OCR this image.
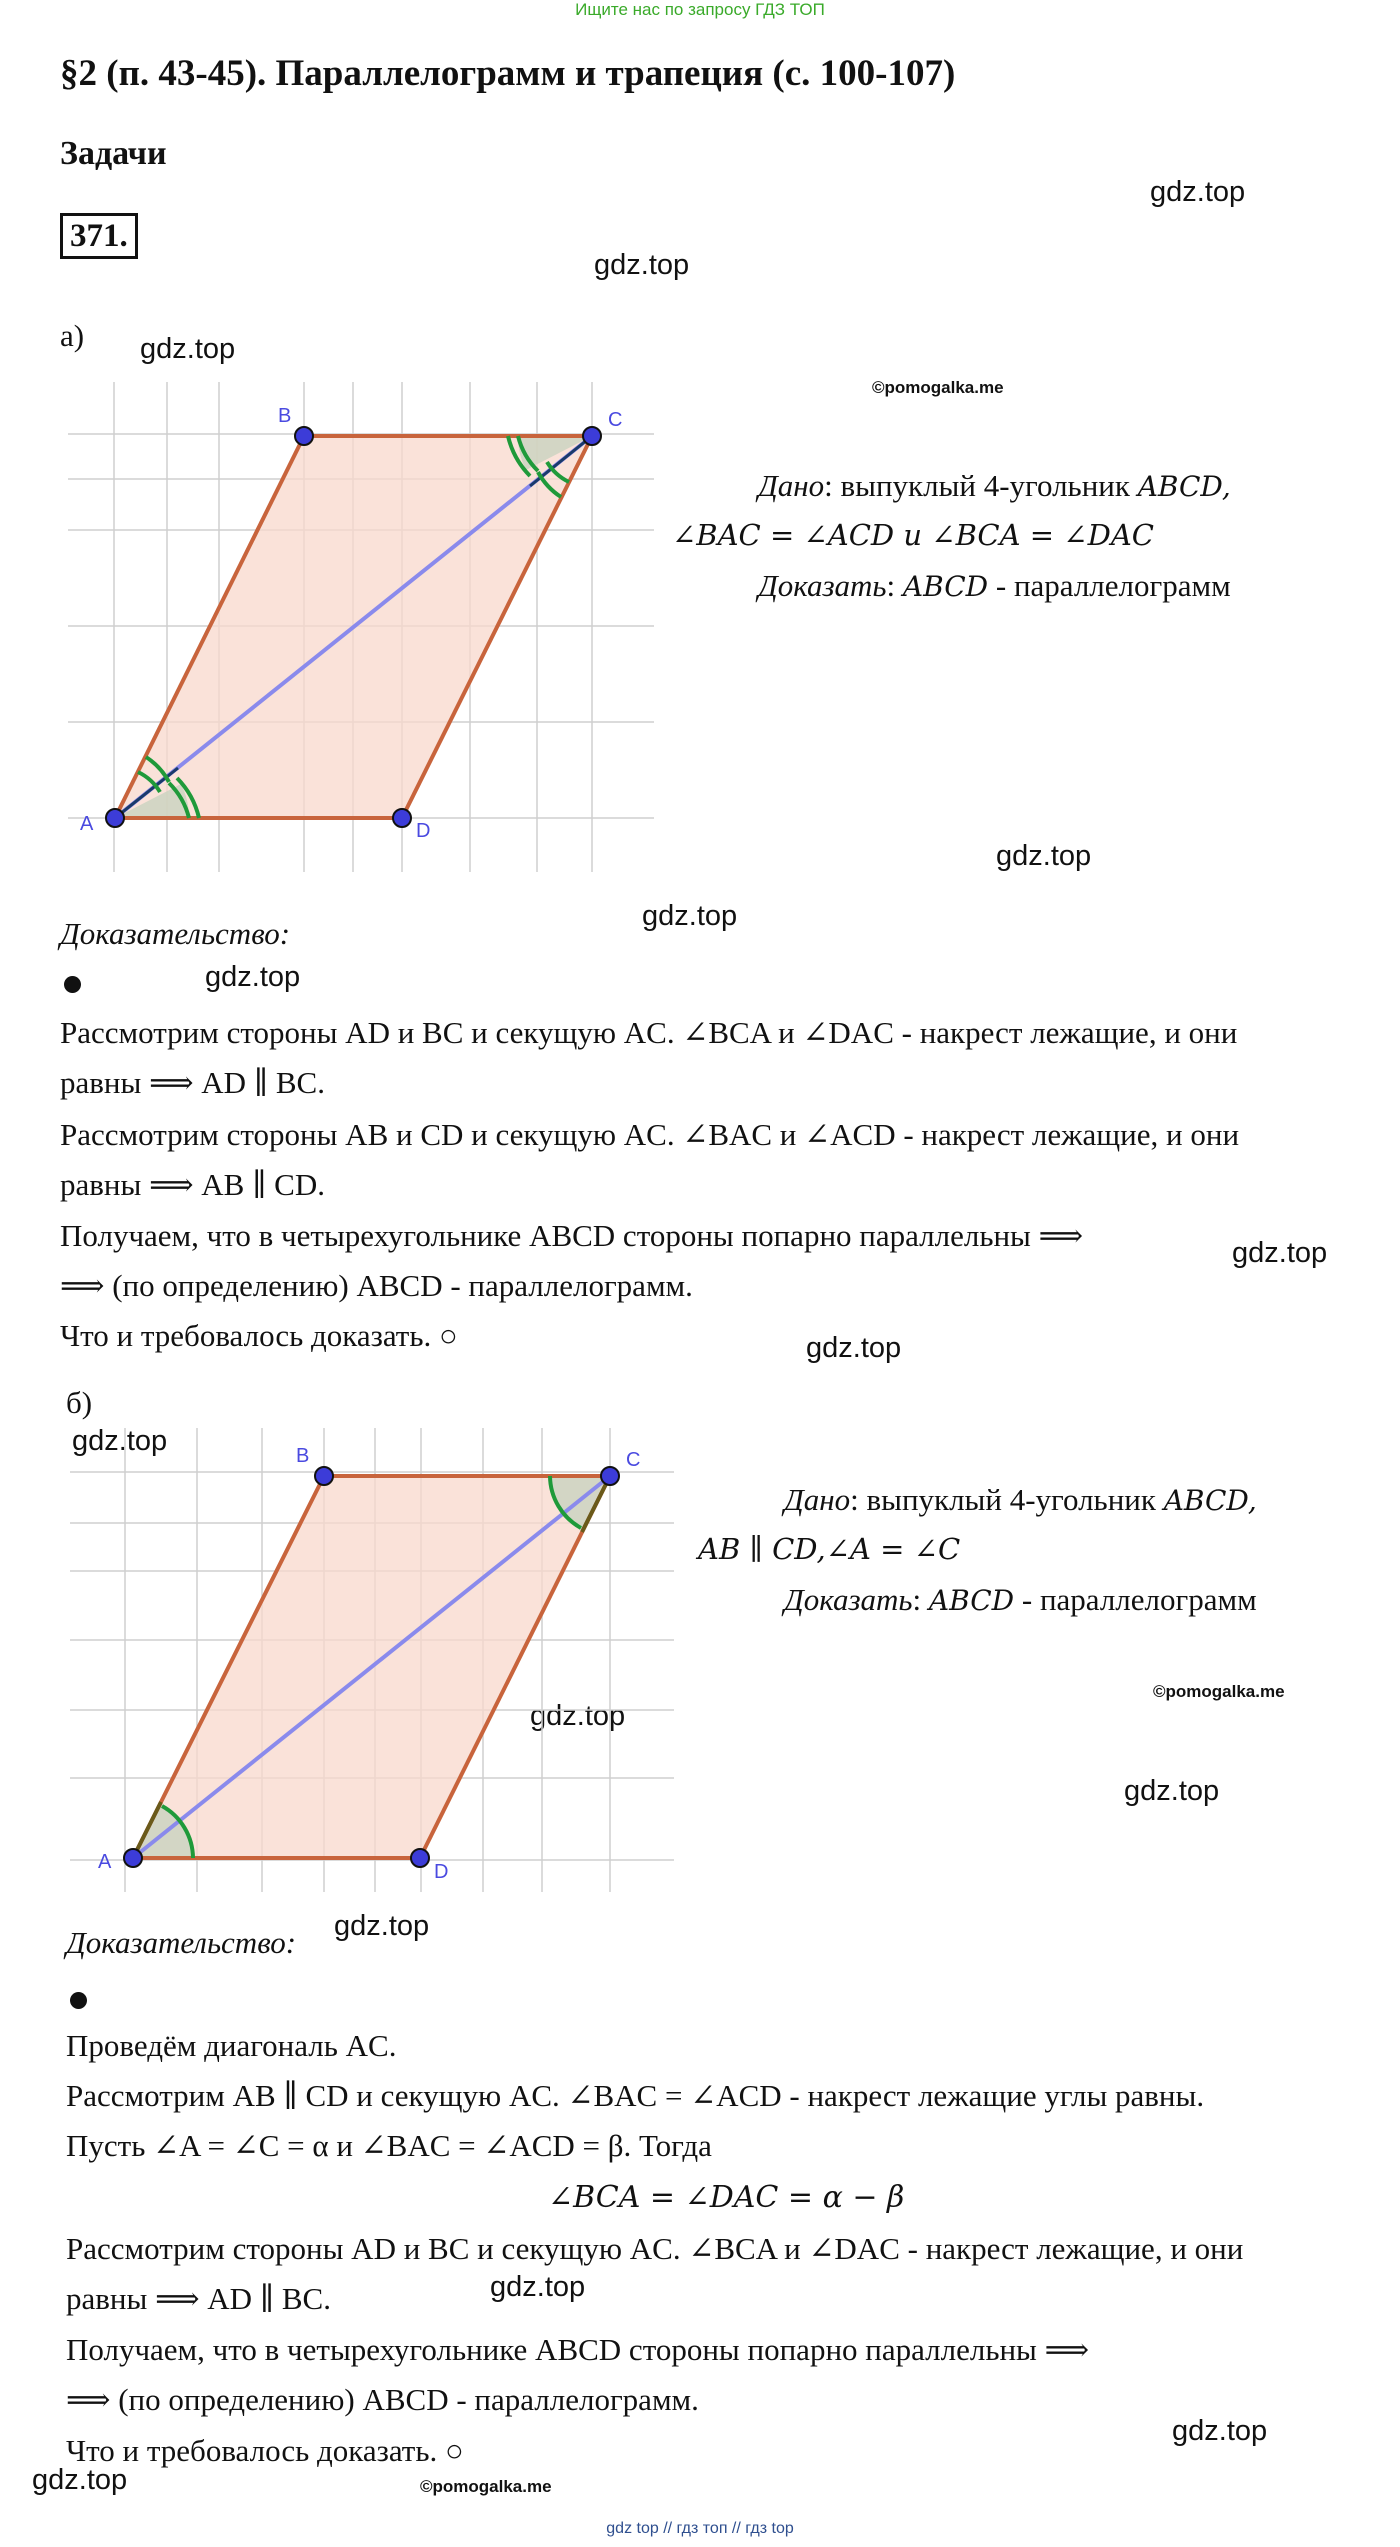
Ищите нас по запросу ГДЗ ТОП
§2 (п. 43-45). Параллелограмм и трапеция (с. 100-107)
Задачи
371.
gdz.top
gdz.top
gdz.top
©pomogalka.me
gdz.top
gdz.top
gdz.top
gdz.top
gdz.top
gdz.top
gdz.top
©pomogalka.me
gdz.top
gdz.top
gdz.top
gdz.top
gdz.top	©pomogalka.me
а)
A
B	C
D
Дано: выпуклый 4-угольник ABCD,
∠BAC = ∠ACD и ∠BCA = ∠DAC
Доказать: ABCD - параллелограмм
Доказательство:
Рассмотрим стороны AD и BC и секущую AC. ∠BCA и ∠DAC - накрест лежащие, и они
равны ⟹ AD ∥ BC.
Рассмотрим стороны AB и CD и секущую AC. ∠BAC и ∠ACD - накрест лежащие, и они
равны ⟹ AB ∥ CD.
Получаем, что в четырехугольнике ABCD стороны попарно параллельны ⟹
⟹ (по определению) ABCD - параллелограмм.
Что и требовалось доказать. ○
б)
A
B	C
D
Дано: выпуклый 4-угольник ABCD,
AB ∥ CD,∠A = ∠C
Доказать: ABCD - параллелограмм
Доказательство:
Проведём диагональ AC.
Рассмотрим AB ∥ CD и секущую AC. ∠BAC = ∠ACD - накрест лежащие углы равны.
Пусть ∠A = ∠C = α и ∠BAC = ∠ACD = β. Тогда
∠BCA = ∠DAC = α − β
Рассмотрим стороны AD и BC и секущую AC. ∠BCA и ∠DAC - накрест лежащие, и они
равны ⟹ AD ∥ BC.
Получаем, что в четырехугольнике ABCD стороны попарно параллельны ⟹
⟹ (по определению) ABCD - параллелограмм.
Что и требовалось доказать. ○
gdz top // гдз топ // гдз top
